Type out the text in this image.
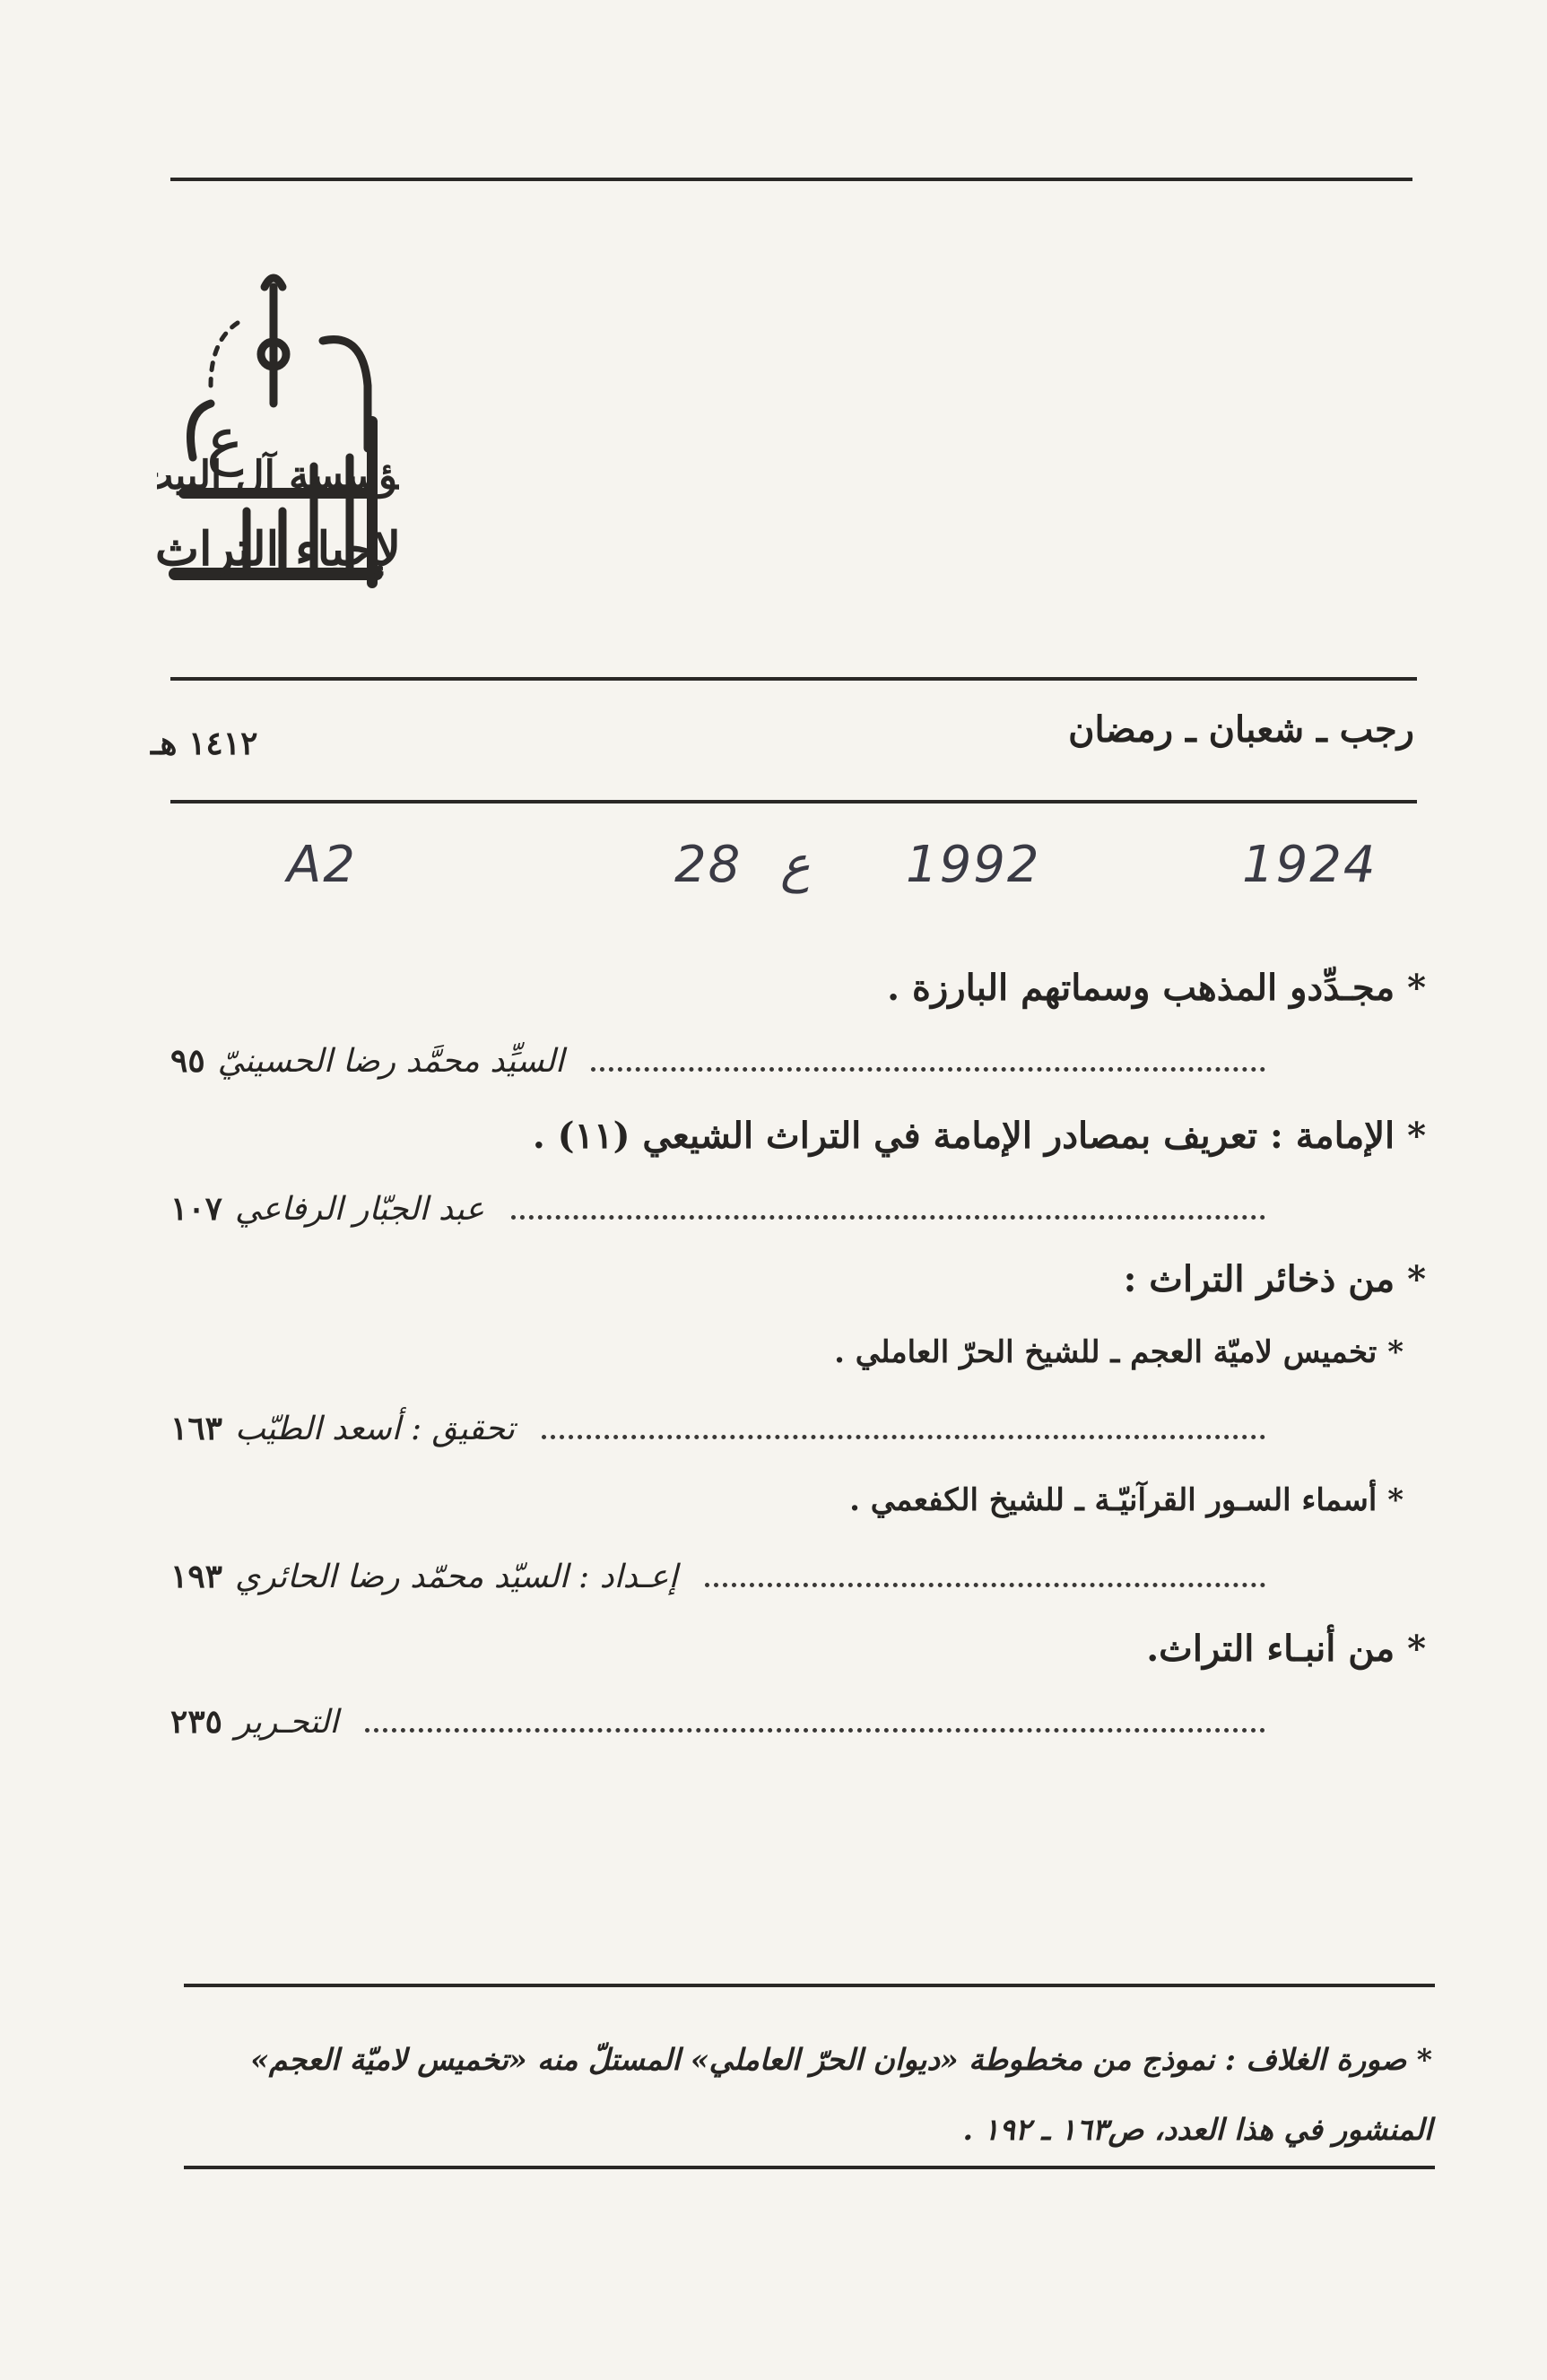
ع	ؤسسة آل البي
لإحياء التراث
رجب ـ شعبان ـ رمضان
١٤١٢ هـ
A2	28 ع	1924
1992
* مجـدِّدو المذهب وسماتهم البارزة .
٩٥ السيِّد محمَّد رضا الحسينيّ
* الإمامة : تعريف بمصادر الإمامة في التراث الشيعي (١١) .
١٠٧ عبد الجبّار الرفاعي
* من ذخائر التراث :
* تخميس لاميّة العجم ـ للشيخ الحرّ العاملي .
١٦٣ تحقيق : أسعد الطيّب
* أسماء السـور القرآنيّـة ـ للشيخ الكفعمي .
١٩٣ إعـداد : السيّد محمّد رضا الحائري
* من أنبـاء التراث.
٢٣٥ التحـرير
* صورة الغلاف : نموذج من مخطوطة «ديوان الحرّ العاملي» المستلّ منه «تخميس لاميّة العجم» المنشور في هذا العدد، ص١٦٣ ـ ١٩٢ .
